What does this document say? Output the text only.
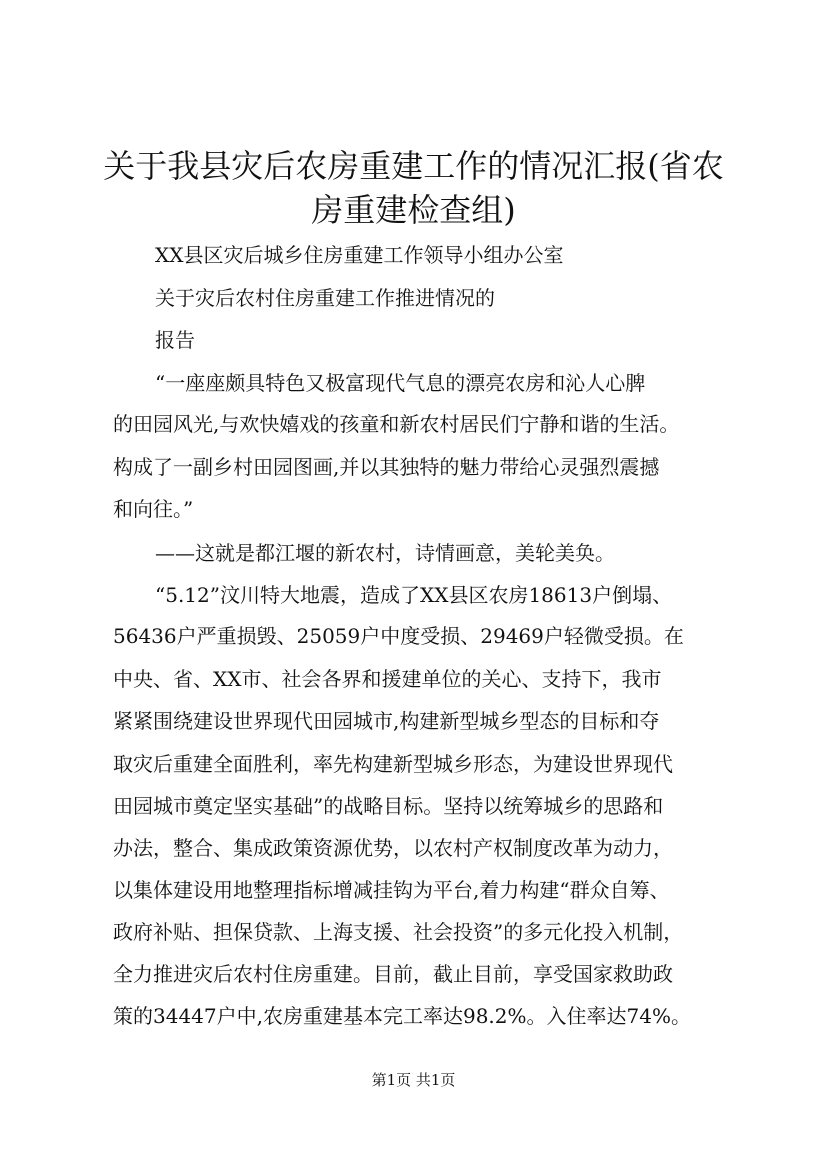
关于我县灾后农房重建工作的情况汇报(省农
房重建检查组)
XX县区灾后城乡住房重建工作领导小组办公室
关于灾后农村住房重建工作推进情况的
报告
“一座座颇具特色又极富现代气息的漂亮农房和沁人心脾
的田园风光,与欢快嬉戏的孩童和新农村居民们宁静和谐的生活。
构成了一副乡村田园图画,并以其独特的魅力带给心灵强烈震撼
和向往。”
——这就是都江堰的新农村，诗情画意，美轮美奂。
“5.12”汶川特大地震，造成了XX县区农房18613户倒塌、
56436户严重损毁、25059户中度受损、29469户轻微受损。在
中央、省、XX市、社会各界和援建单位的关心、支持下，我市
紧紧围绕建设世界现代田园城市,构建新型城乡型态的目标和夺
取灾后重建全面胜利，率先构建新型城乡形态，为建设世界现代
田园城市奠定坚实基础”的战略目标。坚持以统筹城乡的思路和
办法，整合、集成政策资源优势，以农村产权制度改革为动力，
以集体建设用地整理指标增减挂钩为平台,着力构建“群众自筹、
政府补贴、担保贷款、上海支援、社会投资”的多元化投入机制，
全力推进灾后农村住房重建。目前，截止目前，享受国家救助政
策的34447户中,农房重建基本完工率达98.2%。入住率达74%。
第1页 共1页
